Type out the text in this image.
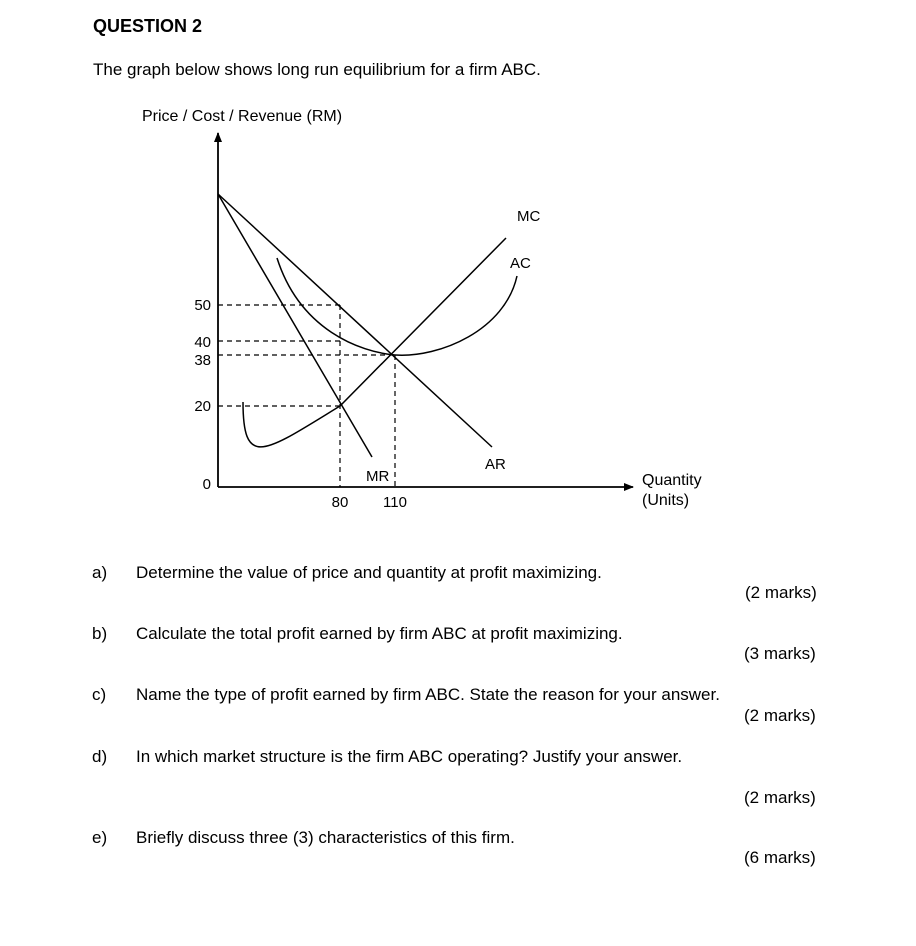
QUESTION 2
The graph below shows long run equilibrium for a firm ABC.
Price / Cost / Revenue (RM)
50
40
38
20
0
80 110
MC
AC
AR
MR	Quantity
(Units)
a) Determine the value of price and quantity at profit maximizing.
(2 marks)
b) Calculate the total profit earned by firm ABC at profit maximizing.
(3 marks)
c) Name the type of profit earned by firm ABC. State the reason for your answer.
(2 marks)
d) In which market structure is the firm ABC operating? Justify your answer.
(2 marks)
e) Briefly discuss three (3) characteristics of this firm.
(6 marks)
